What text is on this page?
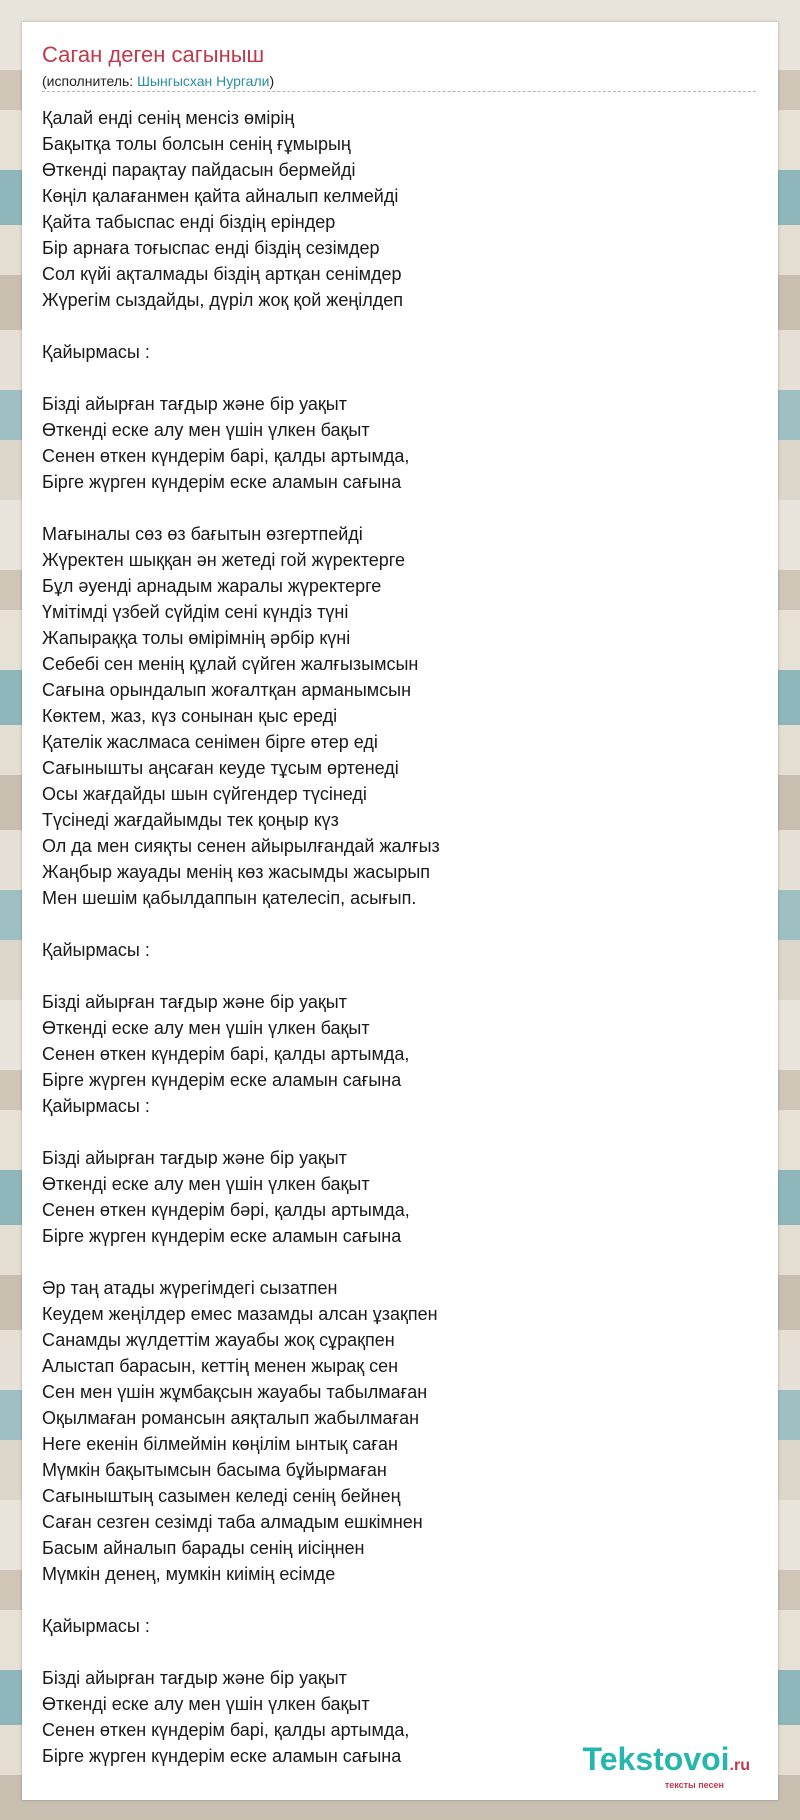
Саган деген сагыныш
(исполнитель: Шынгысхан Нургали)
Қалай енді сенің менсіз өмірің
Бақытқа толы болсын сенің ғұмырың
Өткенді парақтау пайдасын бермейді
Көңіл қалағанмен қайта айналып келмейді
Қайта табыспас енді біздің еріндер
Бір арнаға тоғыспас енді біздің сезімдер
Сол күйі ақталмады біздің артқан сенімдер
Жүрегім сыздайды, дүріл жоқ қой жеңілдеп
Қайырмасы :
Бізді айырған тағдыр және бір уақыт
Өткенді еске алу мен үшін үлкен бақыт
Сенен өткен күндерім барі, қалды артымда,
Бірге жүрген күндерім еске аламын сағына
Мағыналы сөз өз бағытын өзгертпейді
Жүректен шыққан ән жетеді гой жүректерге
Бұл әуенді арнадым жаралы жүректерге
Үмітімді үзбей сүйдім сені күндіз түні
Жапыраққа толы өмірімнің әрбір күні
Себебі сен менің құлай сүйген жалғызымсын
Сағына орындалып жоғалтқан арманымсын
Көктем, жаз, күз сонынан қыс ереді
Қателік жаслмаса сенімен бірге өтер еді
Сағынышты аңсаған кеуде тұсым өртенеді
Осы жағдайды шын сүйгендер түсінеді
Түсінеді жағдайымды тек қоңыр күз
Ол да мен сияқты сенен айырылғандай жалғыз
Жаңбыр жауады менің көз жасымды жасырып
Мен шешім қабылдаппын қателесіп, асығып.
Қайырмасы :
Бізді айырған тағдыр және бір уақыт
Өткенді еске алу мен үшін үлкен бақыт
Сенен өткен күндерім барі, қалды артымда,
Бірге жүрген күндерім еске аламын сағына
Қайырмасы :
Бізді айырған тағдыр және бір уақыт
Өткенді еске алу мен үшін үлкен бақыт
Сенен өткен күндерім бәрі, қалды артымда,
Бірге жүрген күндерім еске аламын сағына
Әр таң атады жүрегімдегі сызатпен
Кеудем жеңілдер емес мазамды алсан ұзақпен
Санамды жүлдеттім жауабы жоқ сұрақпен
Алыстап барасын, кеттің менен жырақ сен
Сен мен үшін жұмбақсын жауабы табылмаған
Оқылмаған романсын аяқталып жабылмаған
Неге екенін білмеймін көңілім ынтық саған
Мүмкін бақытымсын басыма бұйырмаған
Сағыныштың сазымен келеді сенің бейнең
Саған сезген сезімді таба алмадым ешкімнен
Басым айналып барады сенің иісіңнен
Мүмкін денең, мумкін киімің есімде
Қайырмасы :
Бізді айырған тағдыр және бір уақыт
Өткенді еске алу мен үшін үлкен бақыт
Сенен өткен күндерім барі, қалды артымда,
Бірге жүрген күндерім еске аламын сағына	Tekstovoi.ru
тексты песен
